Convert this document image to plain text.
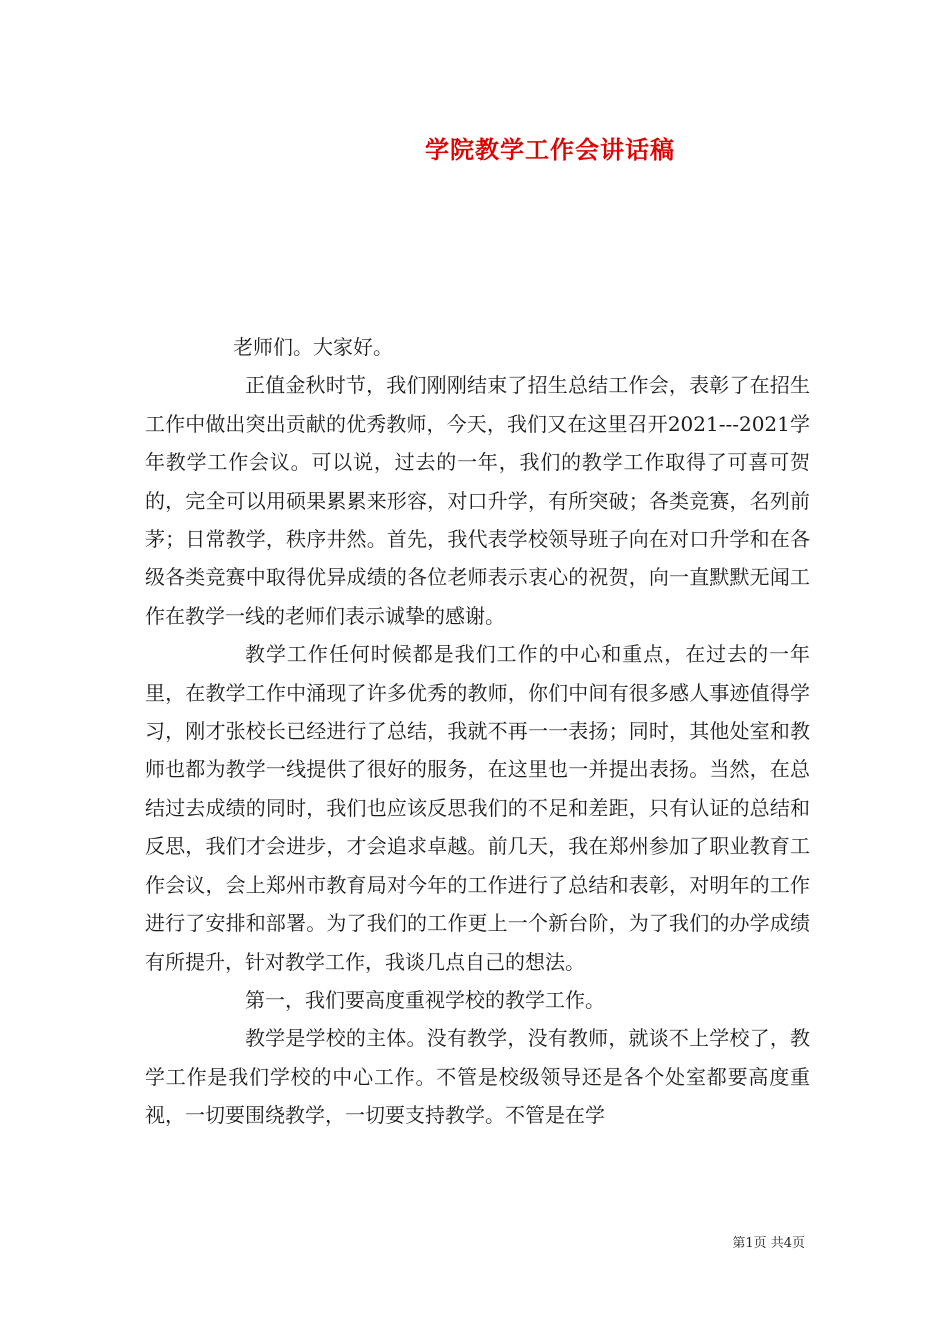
学院教学工作会讲话稿

老师们。大家好。

正值金秋时节，我们刚刚结束了招生总结工作会，表彰了在招生工作中做出突出贡献的优秀教师，今天，我们又在这里召开2021---2021学年教学工作会议。可以说，过去的一年，我们的教学工作取得了可喜可贺的，完全可以用硕果累累来形容，对口升学，有所突破；各类竞赛，名列前茅；日常教学，秩序井然。首先，我代表学校领导班子向在对口升学和在各级各类竞赛中取得优异成绩的各位老师表示衷心的祝贺，向一直默默无闻工作在教学一线的老师们表示诚挚的感谢。

教学工作任何时候都是我们工作的中心和重点，在过去的一年里，在教学工作中涌现了许多优秀的教师，你们中间有很多感人事迹值得学习，刚才张校长已经进行了总结，我就不再一一表扬；同时，其他处室和教师也都为教学一线提供了很好的服务，在这里也一并提出表扬。当然，在总结过去成绩的同时，我们也应该反思我们的不足和差距，只有认证的总结和反思，我们才会进步，才会追求卓越。前几天，我在郑州参加了职业教育工作会议，会上郑州市教育局对今年的工作进行了总结和表彰，对明年的工作进行了安排和部署。为了我们的工作更上一个新台阶，为了我们的办学成绩有所提升，针对教学工作，我谈几点自己的想法。

第一，我们要高度重视学校的教学工作。

教学是学校的主体。没有教学，没有教师，就谈不上学校了，教学工作是我们学校的中心工作。不管是校级领导还是各个处室都要高度重视，一切要围绕教学，一切要支持教学。不管是在学

第1页 共4页
